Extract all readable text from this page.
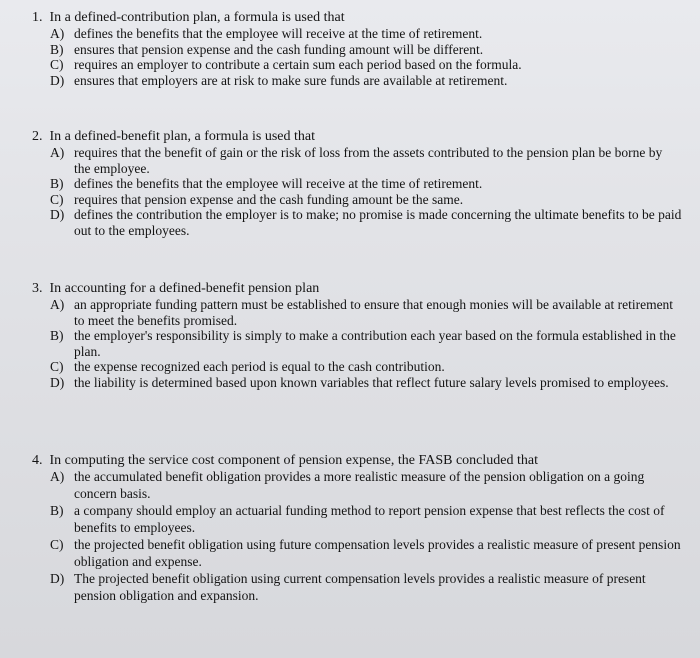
1. In a defined-contribution plan, a formula is used that
A) defines the benefits that the employee will receive at the time of retirement.
B) ensures that pension expense and the cash funding amount will be different.
C) requires an employer to contribute a certain sum each period based on the formula.
D) ensures that employers are at risk to make sure funds are available at retirement.
2. In a defined-benefit plan, a formula is used that
A) requires that the benefit of gain or the risk of loss from the assets contributed to the pension plan be borne by the employee.
B) defines the benefits that the employee will receive at the time of retirement.
C) requires that pension expense and the cash funding amount be the same.
D) defines the contribution the employer is to make; no promise is made concerning the ultimate benefits to be paid out to the employees.
3. In accounting for a defined-benefit pension plan
A) an appropriate funding pattern must be established to ensure that enough monies will be available at retirement to meet the benefits promised.
B) the employer's responsibility is simply to make a contribution each year based on the formula established in the plan.
C) the expense recognized each period is equal to the cash contribution.
D) the liability is determined based upon known variables that reflect future salary levels promised to employees.
4. In computing the service cost component of pension expense, the FASB concluded that
A) the accumulated benefit obligation provides a more realistic measure of the pension obligation on a going concern basis.
B) a company should employ an actuarial funding method to report pension expense that best reflects the cost of benefits to employees.
C) the projected benefit obligation using future compensation levels provides a realistic measure of present pension obligation and expense.
D) The projected benefit obligation using current compensation levels provides a realistic measure of present pension obligation and expansion.
